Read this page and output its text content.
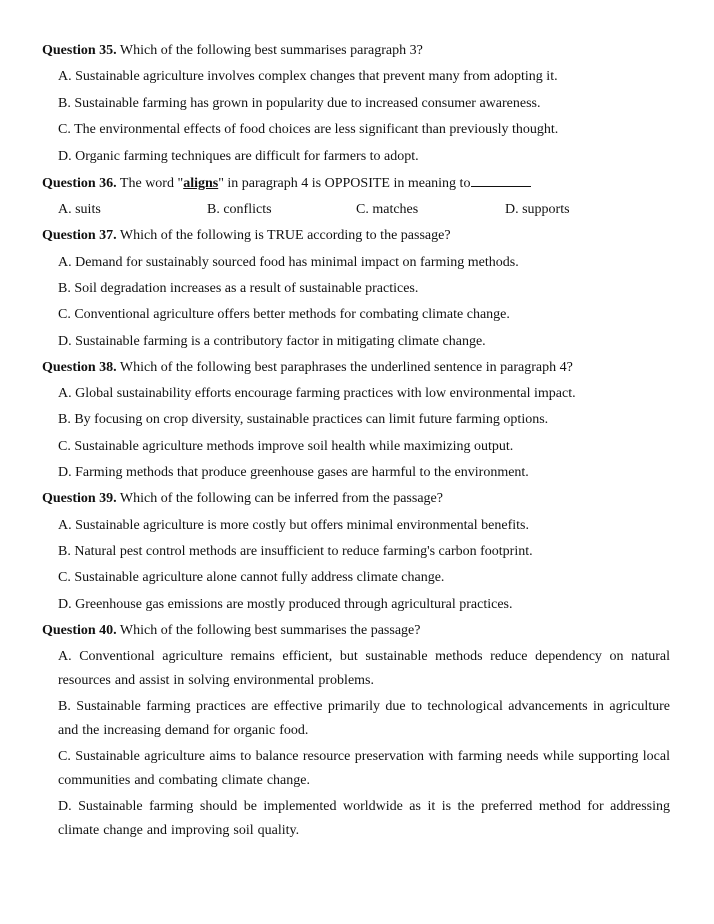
Question 35. Which of the following best summarises paragraph 3?
A. Sustainable agriculture involves complex changes that prevent many from adopting it.
B. Sustainable farming has grown in popularity due to increased consumer awareness.
C. The environmental effects of food choices are less significant than previously thought.
D. Organic farming techniques are difficult for farmers to adopt.
Question 36. The word "aligns" in paragraph 4 is OPPOSITE in meaning to
A. suits	B. conflicts	C. matches	D. supports
Question 37. Which of the following is TRUE according to the passage?
A. Demand for sustainably sourced food has minimal impact on farming methods.
B. Soil degradation increases as a result of sustainable practices.
C. Conventional agriculture offers better methods for combating climate change.
D. Sustainable farming is a contributory factor in mitigating climate change.
Question 38. Which of the following best paraphrases the underlined sentence in paragraph 4?
A. Global sustainability efforts encourage farming practices with low environmental impact.
B. By focusing on crop diversity, sustainable practices can limit future farming options.
C. Sustainable agriculture methods improve soil health while maximizing output.
D. Farming methods that produce greenhouse gases are harmful to the environment.
Question 39. Which of the following can be inferred from the passage?
A. Sustainable agriculture is more costly but offers minimal environmental benefits.
B. Natural pest control methods are insufficient to reduce farming's carbon footprint.
C. Sustainable agriculture alone cannot fully address climate change.
D. Greenhouse gas emissions are mostly produced through agricultural practices.
Question 40. Which of the following best summarises the passage?
A. Conventional agriculture remains efficient, but sustainable methods reduce dependency on natural resources and assist in solving environmental problems.
B. Sustainable farming practices are effective primarily due to technological advancements in agriculture and the increasing demand for organic food.
C. Sustainable agriculture aims to balance resource preservation with farming needs while supporting local communities and combating climate change.
D. Sustainable farming should be implemented worldwide as it is the preferred method for addressing climate change and improving soil quality.
